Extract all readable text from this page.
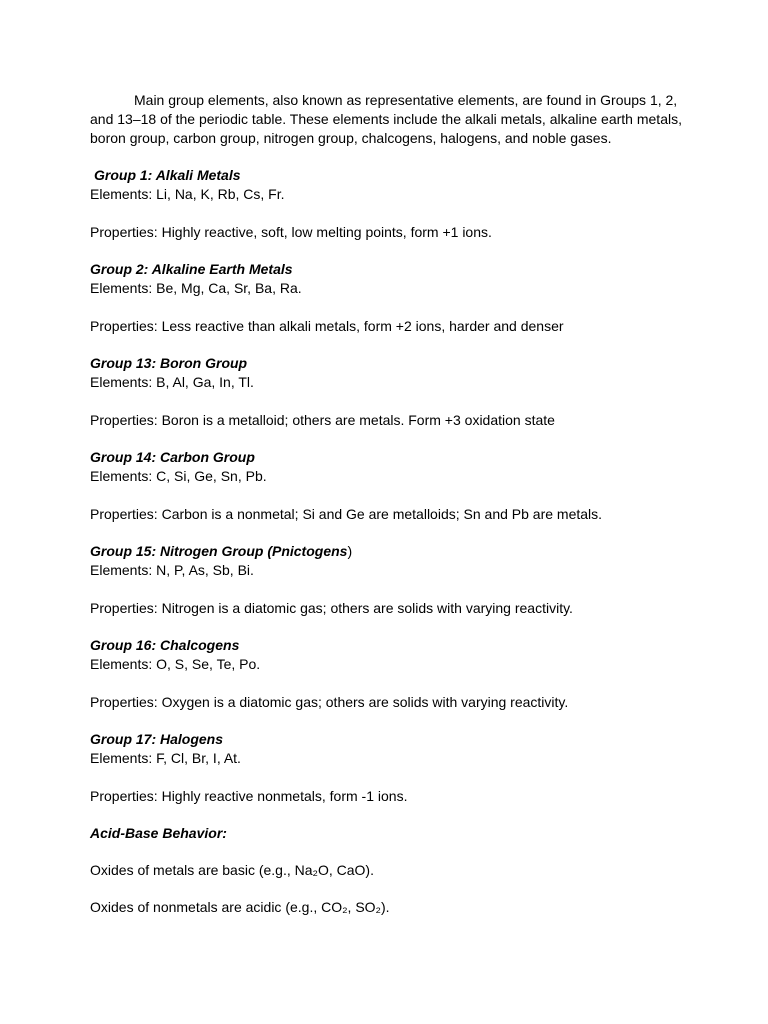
Main group elements, also known as representative elements, are found in Groups 1, 2, and 13–18 of the periodic table. These elements include the alkali metals, alkaline earth metals, boron group, carbon group, nitrogen group, chalcogens, halogens, and noble gases.

Group 1: Alkali Metals

Elements: Li, Na, K, Rb, Cs, Fr.

Properties: Highly reactive, soft, low melting points, form +1 ions.

Group 2: Alkaline Earth Metals

Elements: Be, Mg, Ca, Sr, Ba, Ra.

Properties: Less reactive than alkali metals, form +2 ions, harder and denser

Group 13: Boron Group

Elements: B, Al, Ga, In, Tl.

Properties: Boron is a metalloid; others are metals. Form +3 oxidation state

Group 14: Carbon Group

Elements: C, Si, Ge, Sn, Pb.

Properties: Carbon is a nonmetal; Si and Ge are metalloids; Sn and Pb are metals.

Group 15: Nitrogen Group (Pnictogens)

Elements: N, P, As, Sb, Bi.

Properties: Nitrogen is a diatomic gas; others are solids with varying reactivity.

Group 16: Chalcogens

Elements: O, S, Se, Te, Po.

Properties: Oxygen is a diatomic gas; others are solids with varying reactivity.

Group 17: Halogens

Elements: F, Cl, Br, I, At.

Properties: Highly reactive nonmetals, form -1 ions.

Acid-Base Behavior:

Oxides of metals are basic (e.g., Na₂O, CaO).

Oxides of nonmetals are acidic (e.g., CO₂, SO₂).
